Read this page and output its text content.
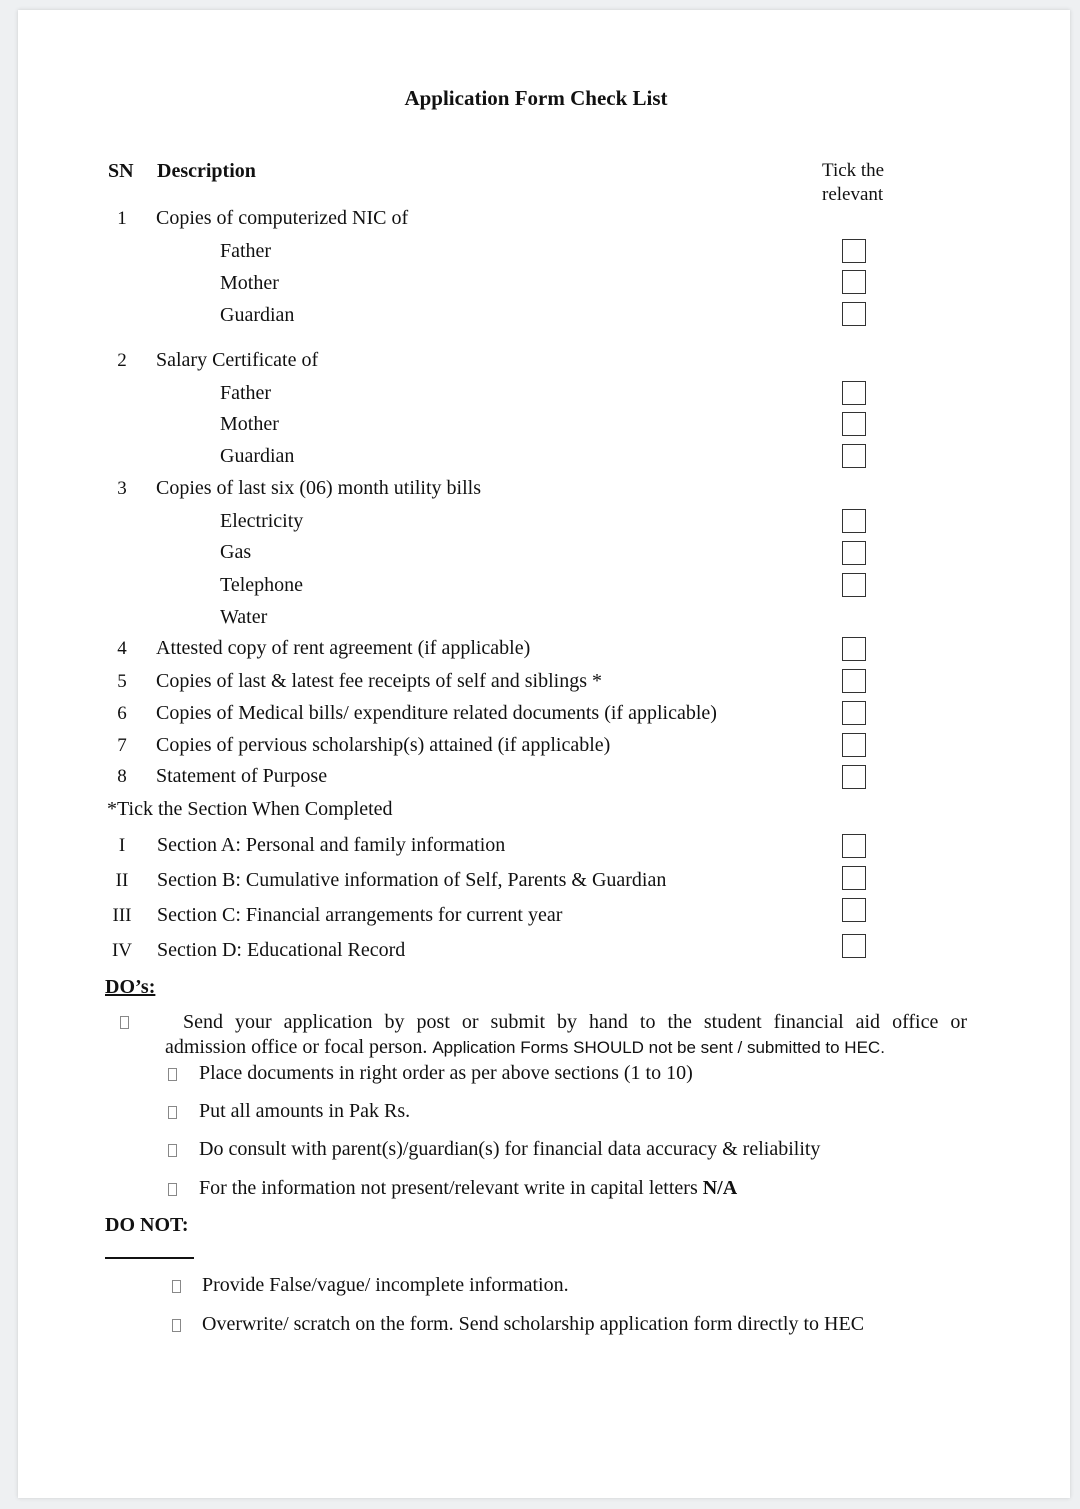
Application Form Check List
SN Description	Tick the
relevant
1	Copies of computerized NIC of
Father
Mother
Guardian
2	Salary Certificate of
Father
Mother
Guardian
3	Copies of last six (06) month utility bills
Electricity
Gas
Telephone
Water
4	Attested copy of rent agreement (if applicable)
5	Copies of last & latest fee receipts of self and siblings *
6	Copies of Medical bills/ expenditure related documents (if applicable)
7	Copies of pervious scholarship(s) attained (if applicable)
8	Statement of Purpose
*Tick the Section When Completed
I	Section A: Personal and family information
II	Section B: Cumulative information of Self, Parents & Guardian
III	Section C: Financial arrangements for current year
IV	Section D: Educational Record
DO’s:
Send your application by post or submit by hand to the student financial aid office or
admission office or focal person. Application Forms SHOULD not be sent / submitted to HEC.
Place documents in right order as per above sections (1 to 10)
Put all amounts in Pak Rs.
Do consult with parent(s)/guardian(s) for financial data accuracy & reliability
For the information not present/relevant write in capital letters N/A
DO NOT:
Provide False/vague/ incomplete information.
Overwrite/ scratch on the form. Send scholarship application form directly to HEC
